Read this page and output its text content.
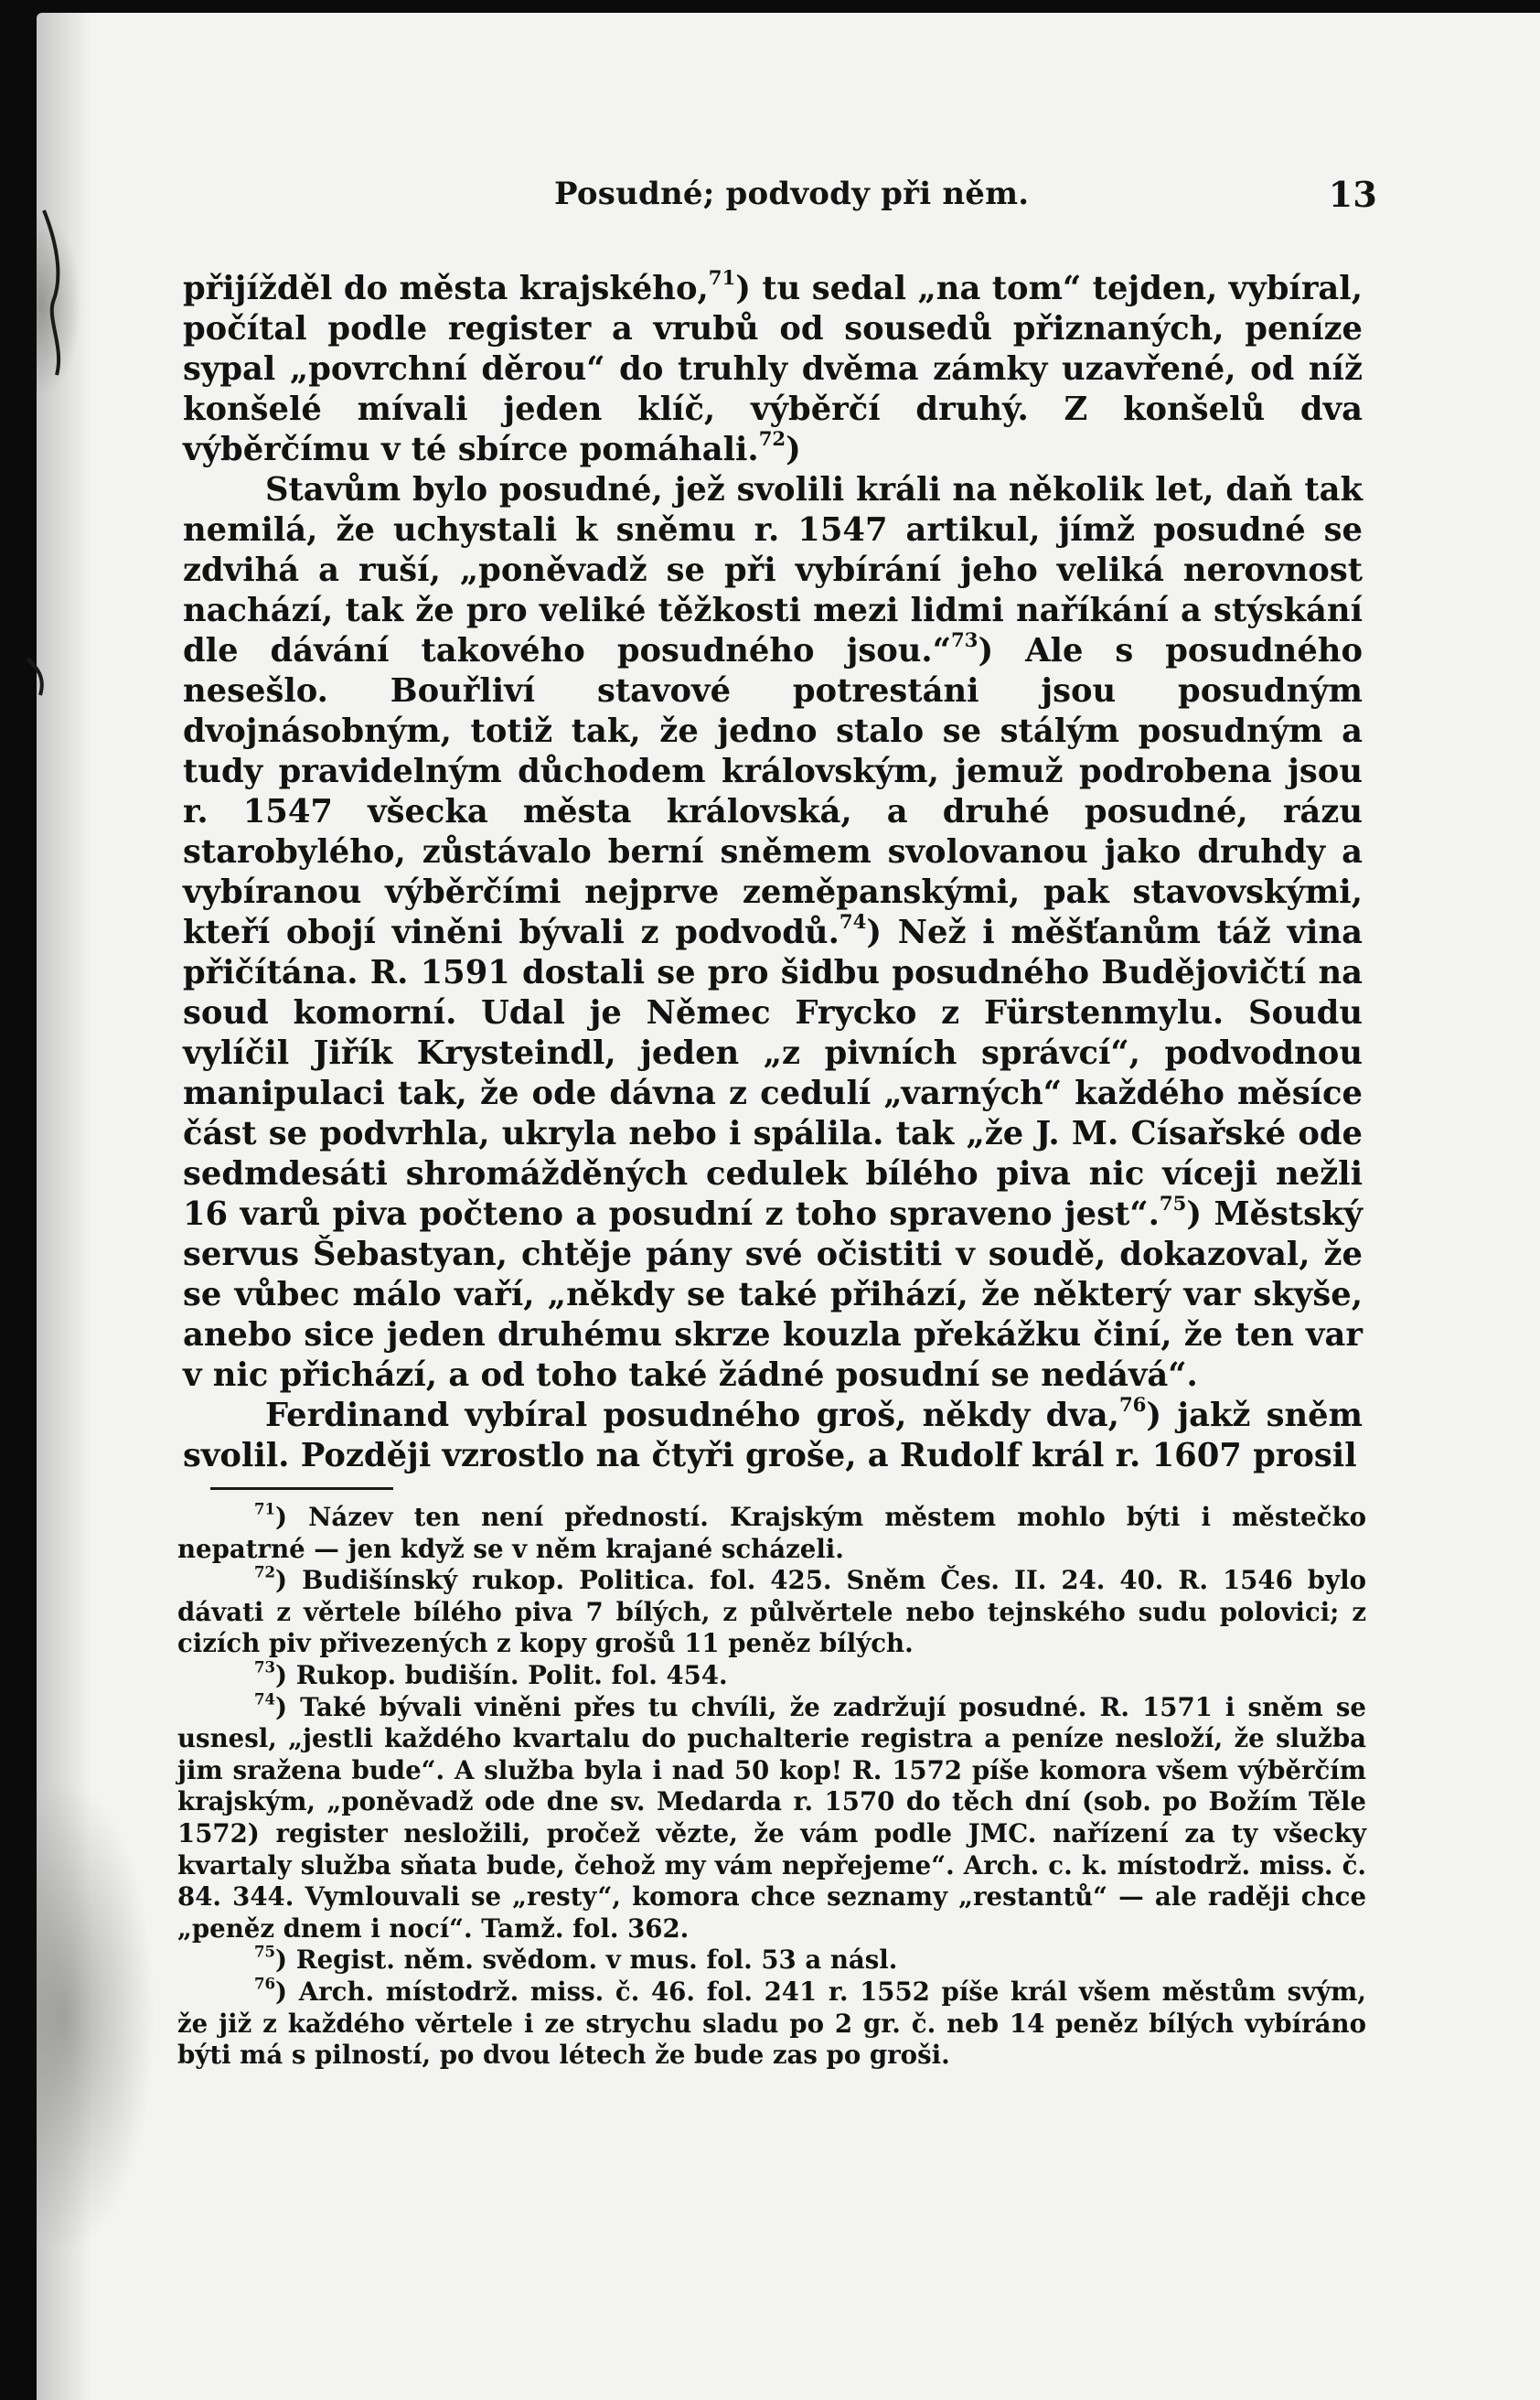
Posudné; podvody při něm.	13

přijížděl do města krajského,$^{71}$) tu sedal „na tom“ tejden, vybíral, počítal podle register a vrubů od sousedů přiznaných, peníze sypal „povrchní děrou“ do truhly dvěma zámky uzavřené, od níž konšelé mívali jeden klíč, výběrčí druhý. Z konšelů dva výběrčímu v té sbírce pomáhali.$^{72}$)

Stavům bylo posudné, jež svolili králi na několik let, daň tak nemilá, že uchystali k sněmu r. 1547 artikul, jímž posudné se zdvihá a ruší, „poněvadž se při vybírání jeho veliká nerovnost nachází, tak že pro veliké těžkosti mezi lidmi naříkání a stýskání dle dávání takového posudného jsou.“$^{73}$) Ale s posudného nesešlo. Bouřliví stavové potrestáni jsou posudným dvojnásobným, totiž tak, že jedno stalo se stálým posudným a tudy pravidelným důchodem královským, jemuž podrobena jsou r. 1547 všecka města královská, a druhé posudné, rázu starobylého, zůstávalo berní sněmem svolovanou jako druhdy a vybíranou výběrčími nejprve zeměpanskými, pak stavovskými, kteří obojí viněni bývali z podvodů.$^{74}$) Než i měšťanům táž vina přičítána. R. 1591 dostali se pro šidbu posudného Budějovičtí na soud komorní. Udal je Němec Frycko z Fürstenmylu. Soudu vylíčil Jiřík Krysteindl, jeden „z pivních správcí“, podvodnou manipulaci tak, že ode dávna z cedulí „varných“ každého měsíce část se podvrhla, ukryla nebo i spálila. tak „že J. M. Císařské ode sedmdesáti shromážděných cedulek bílého piva nic víceji nežli 16 varů piva počteno a posudní z toho spraveno jest“.$^{75}$) Městský servus Šebastyan, chtěje pány své očistiti v soudě, dokazoval, že se vůbec málo vaří, „někdy se také přihází, že některý var skyše, anebo sice jeden druhému skrze kouzla překážku činí, že ten var v nic přichází, a od toho také žádné posudní se nedává“.

Ferdinand vybíral posudného groš, někdy dva,$^{76}$) jakž sněm svolil. Později vzrostlo na čtyři groše, a Rudolf král r. 1607 prosil

$^{71}$) Název ten není předností. Krajským městem mohlo býti i městečko nepatrné — jen když se v něm krajané scházeli.

$^{72}$) Budišínský rukop. Politica. fol. 425. Sněm Čes. II. 24. 40. R. 1546 bylo dávati z věrtele bílého piva 7 bílých, z půlvěrtele nebo tejnského sudu polovici; z cizích piv přivezených z kopy grošů 11 peněz bílých.

$^{73}$) Rukop. budišín. Polit. fol. 454.

$^{74}$) Také bývali viněni přes tu chvíli, že zadržují posudné. R. 1571 i sněm se usnesl, „jestli každého kvartalu do puchalterie registra a peníze nesloží, že služba jim sražena bude“. A služba byla i nad 50 kop! R. 1572 píše komora všem výběrčím krajským, „poněvadž ode dne sv. Medarda r. 1570 do těch dní (sob. po Božím Těle 1572) register nesložili, pročež vězte, že vám podle JMC. nařízení za ty všecky kvartaly služba sňata bude, čehož my vám nepřejeme“. Arch. c. k. místodrž. miss. č. 84. 344. Vymlouvali se „resty“, komora chce seznamy „restantů“ — ale raději chce „peněz dnem i nocí“. Tamž. fol. 362.

$^{75}$) Regist. něm. svědom. v mus. fol. 53 a násl.

$^{76}$) Arch. místodrž. miss. č. 46. fol. 241 r. 1552 píše král všem městům svým, že již z každého věrtele i ze strychu sladu po 2 gr. č. neb 14 peněz bílých vybíráno býti má s pilností, po dvou létech že bude zas po groši.
